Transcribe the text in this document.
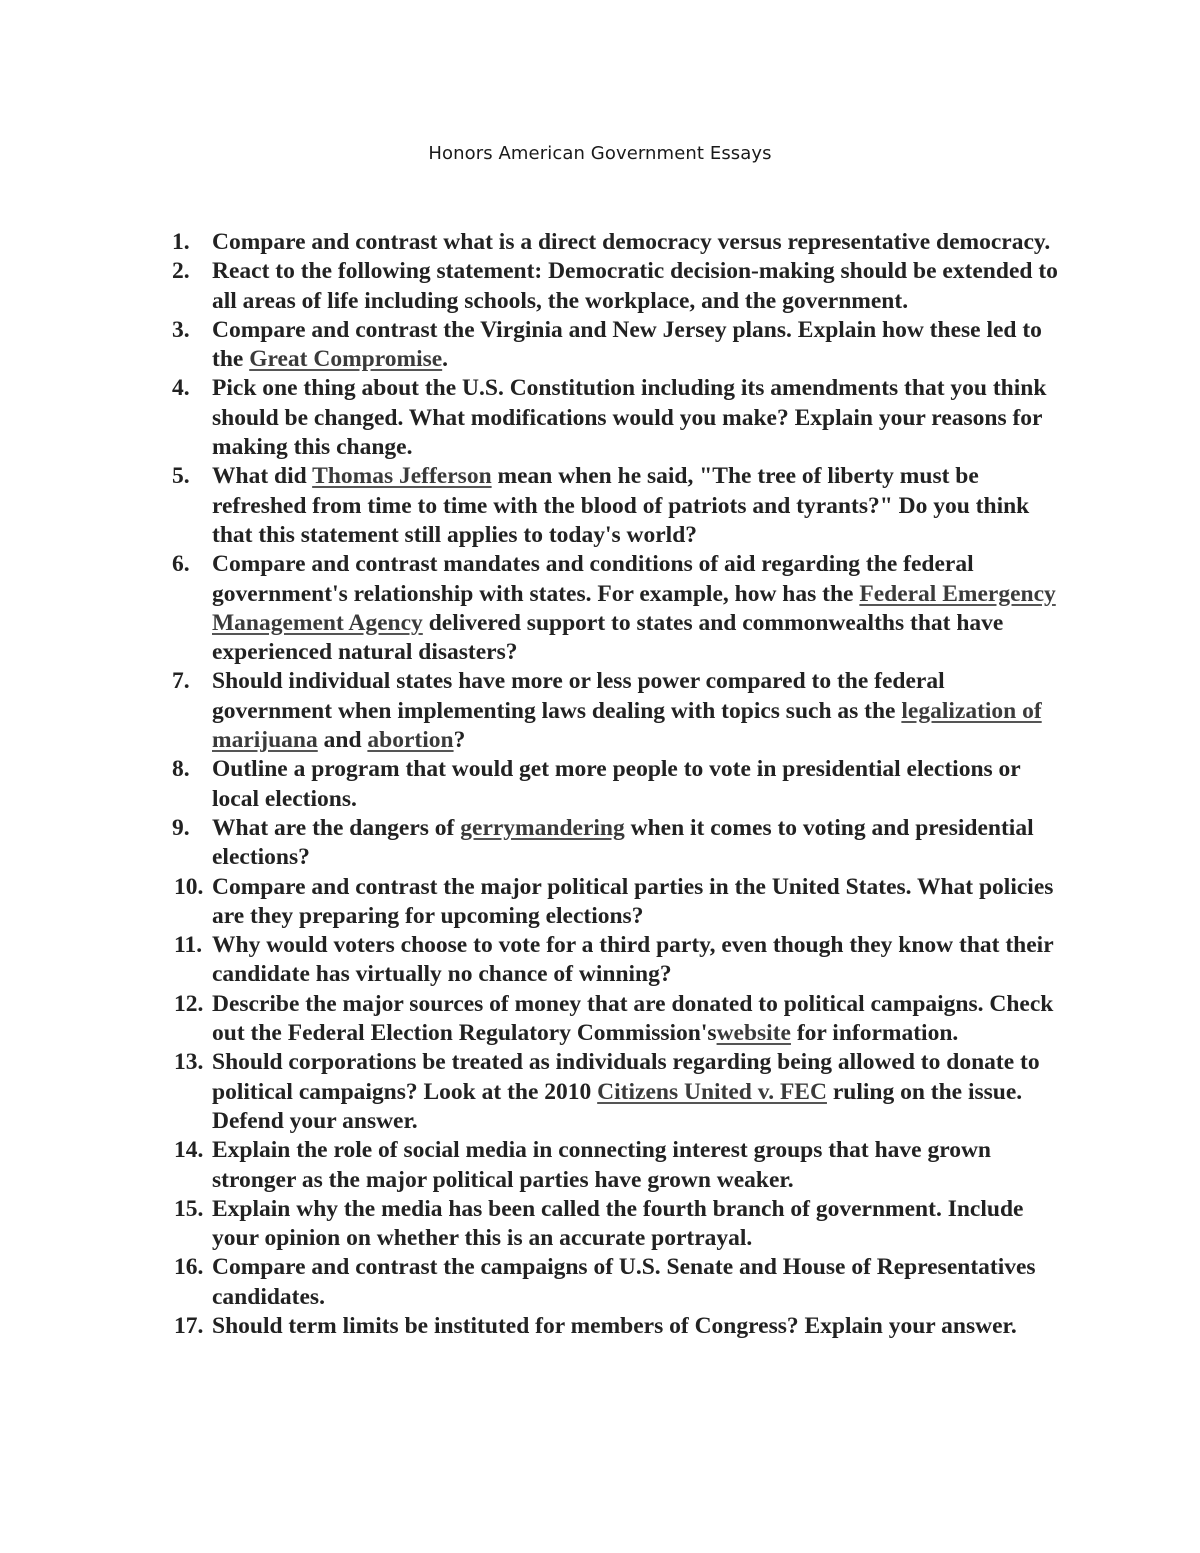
Honors American Government Essays
1. Compare and contrast what is a direct democracy versus representative democracy.
2. React to the following statement: Democratic decision-making should be extended to all areas of life including schools, the workplace, and the government.
3. Compare and contrast the Virginia and New Jersey plans. Explain how these led to the Great Compromise.
4. Pick one thing about the U.S. Constitution including its amendments that you think should be changed. What modifications would you make? Explain your reasons for making this change.
5. What did Thomas Jefferson mean when he said, "The tree of liberty must be refreshed from time to time with the blood of patriots and tyrants?" Do you think that this statement still applies to today's world?
6. Compare and contrast mandates and conditions of aid regarding the federal government's relationship with states. For example, how has the Federal Emergency Management Agency delivered support to states and commonwealths that have experienced natural disasters?
7. Should individual states have more or less power compared to the federal government when implementing laws dealing with topics such as the legalization of marijuana and abortion?
8. Outline a program that would get more people to vote in presidential elections or local elections.
9. What are the dangers of gerrymandering when it comes to voting and presidential elections?
10. Compare and contrast the major political parties in the United States. What policies are they preparing for upcoming elections?
11. Why would voters choose to vote for a third party, even though they know that their candidate has virtually no chance of winning?
12. Describe the major sources of money that are donated to political campaigns. Check out the Federal Election Regulatory Commission'swebsite for information.
13. Should corporations be treated as individuals regarding being allowed to donate to political campaigns? Look at the 2010 Citizens United v. FEC ruling on the issue. Defend your answer.
14. Explain the role of social media in connecting interest groups that have grown stronger as the major political parties have grown weaker.
15. Explain why the media has been called the fourth branch of government. Include your opinion on whether this is an accurate portrayal.
16. Compare and contrast the campaigns of U.S. Senate and House of Representatives candidates.
17. Should term limits be instituted for members of Congress? Explain your answer.
